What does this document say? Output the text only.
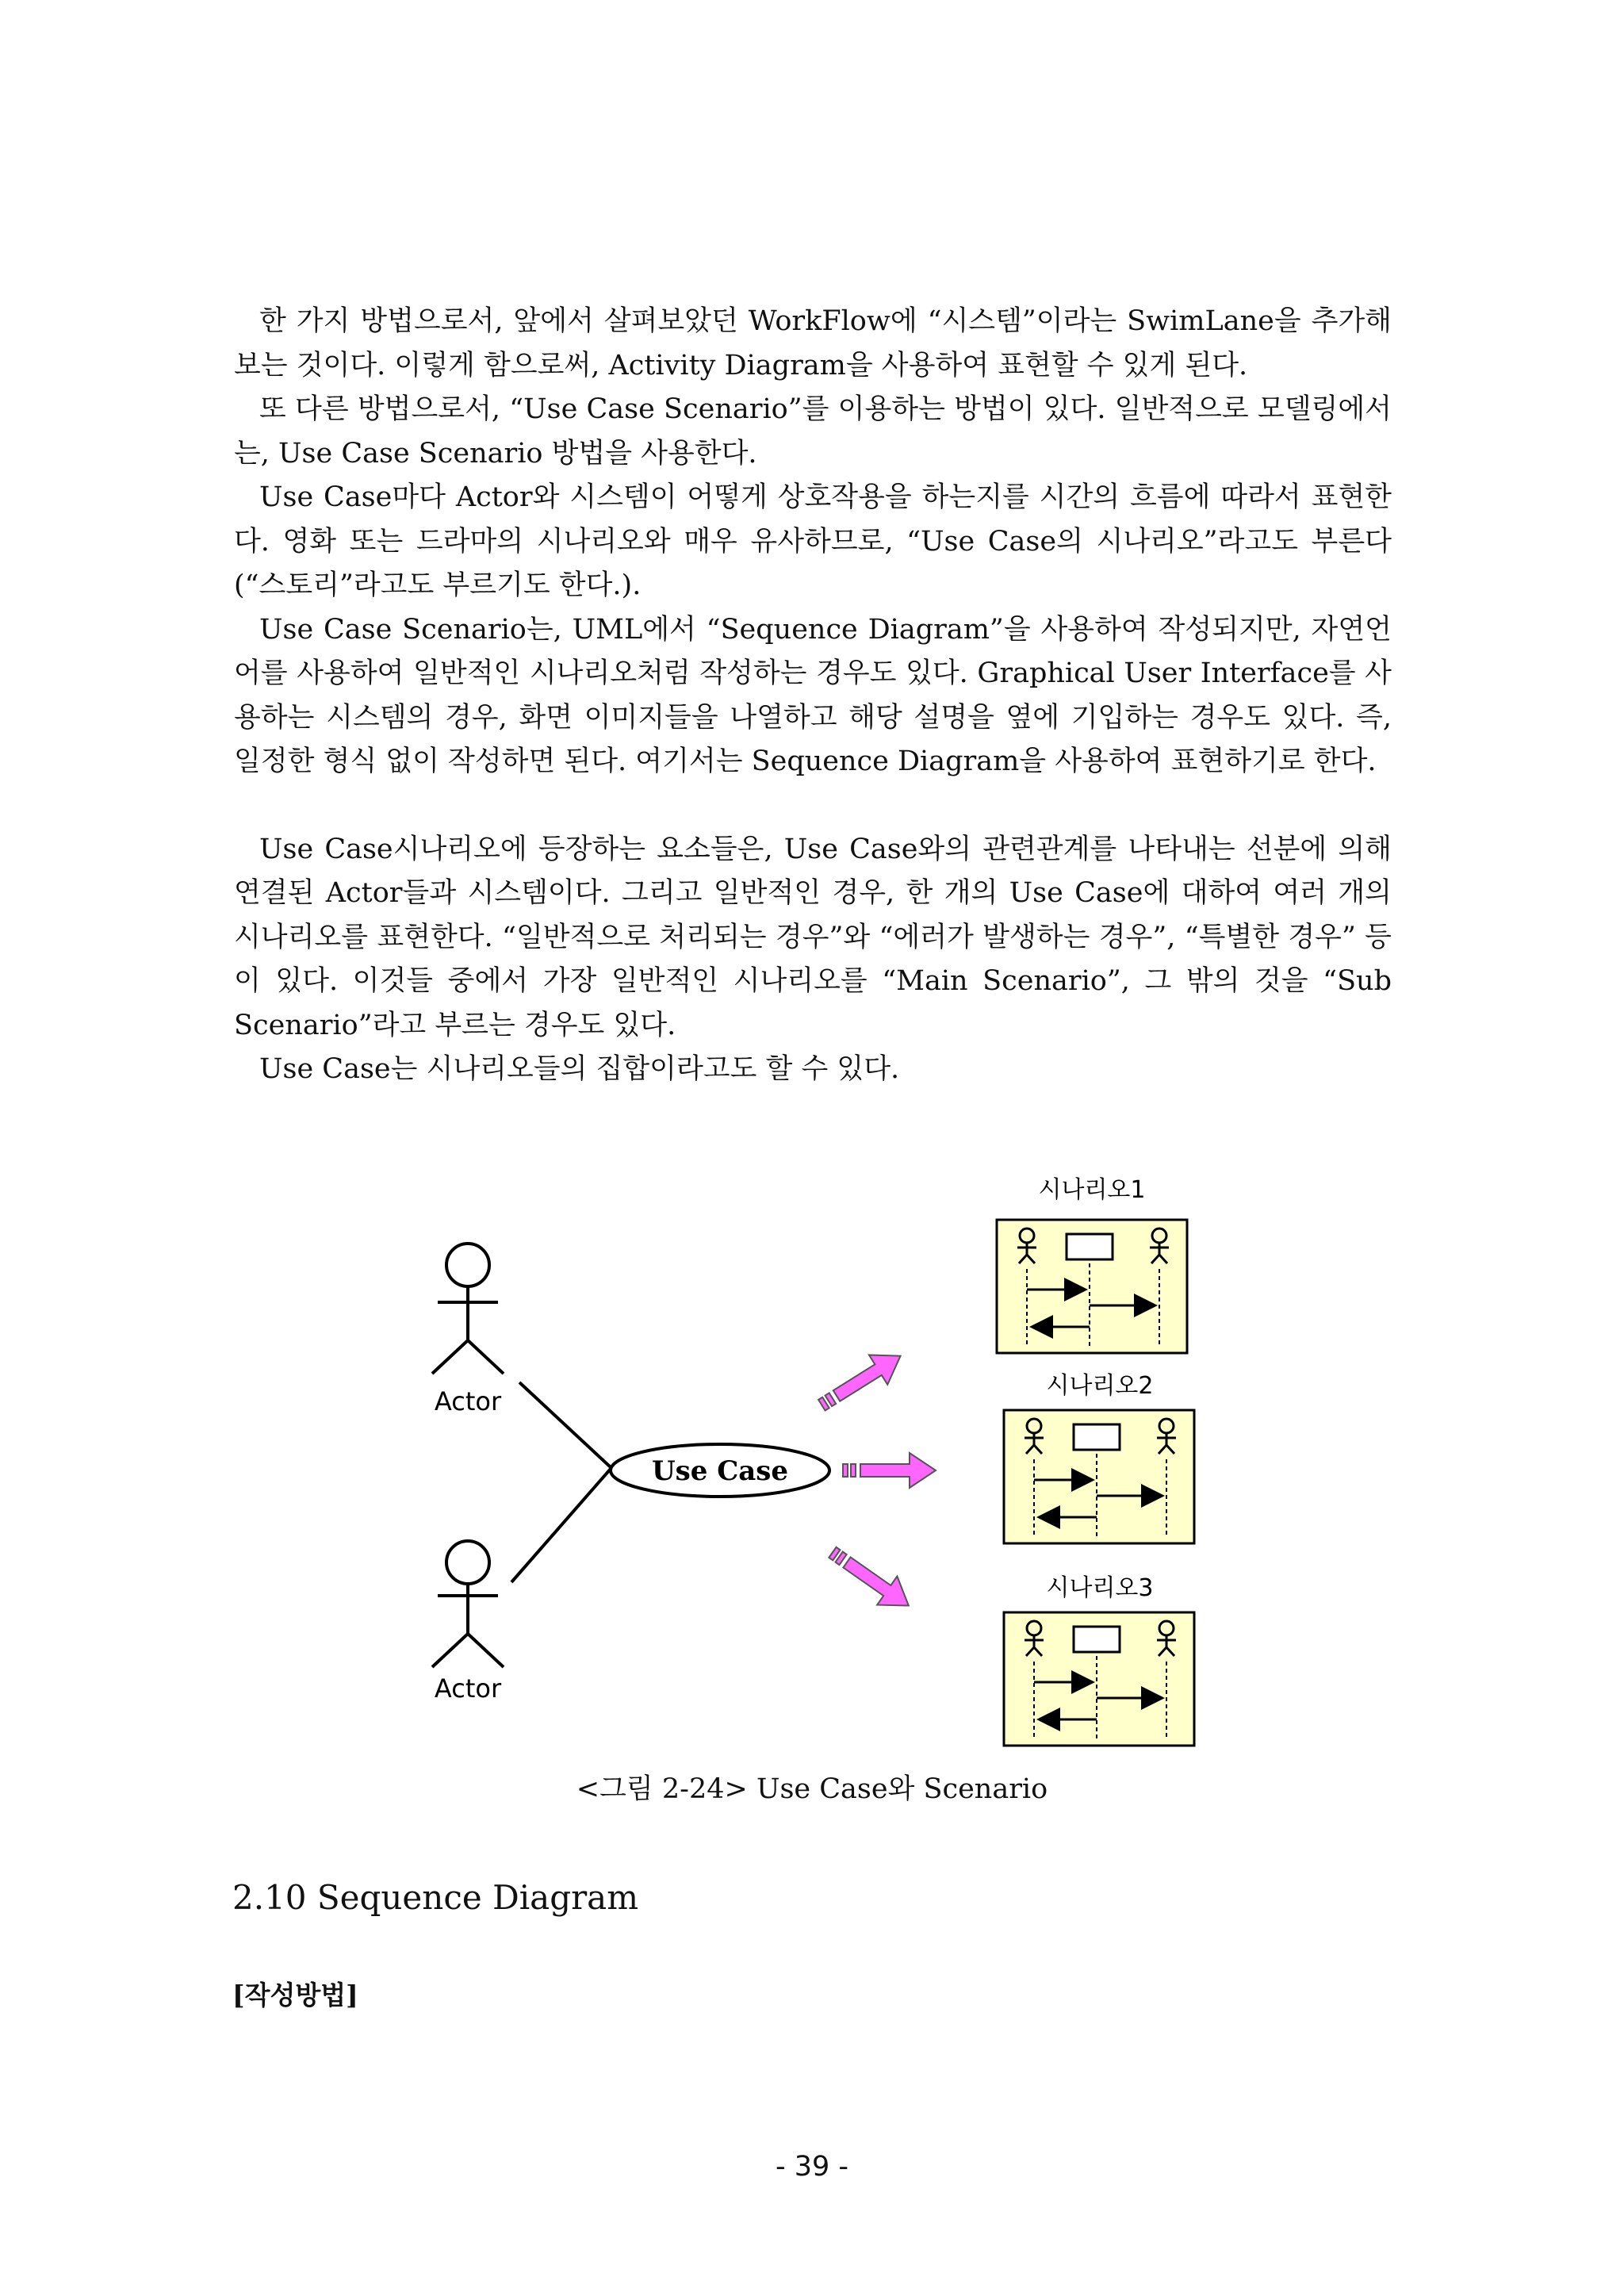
한 가지 방법으로서, 앞에서 살펴보았던 WorkFlow에 “시스템”이라는 SwimLane을 추가해 보는 것이다. 이렇게 함으로써, Activity Diagram을 사용하여 표현할 수 있게 된다.

또 다른 방법으로서, “Use Case Scenario”를 이용하는 방법이 있다. 일반적으로 모델링에서는, Use Case Scenario 방법을 사용한다.

Use Case마다 Actor와 시스템이 어떻게 상호작용을 하는지를 시간의 흐름에 따라서 표현한다. 영화 또는 드라마의 시나리오와 매우 유사하므로, “Use Case의 시나리오”라고도 부른다(“스토리”라고도 부르기도 한다.).

Use Case Scenario는, UML에서 “Sequence Diagram”을 사용하여 작성되지만, 자연언어를 사용하여 일반적인 시나리오처럼 작성하는 경우도 있다. Graphical User Interface를 사용하는 시스템의 경우, 화면 이미지들을 나열하고 해당 설명을 옆에 기입하는 경우도 있다. 즉, 일정한 형식 없이 작성하면 된다. 여기서는 Sequence Diagram을 사용하여 표현하기로 한다.

Use Case시나리오에 등장하는 요소들은, Use Case와의 관련관계를 나타내는 선분에 의해 연결된 Actor들과 시스템이다. 그리고 일반적인 경우, 한 개의 Use Case에 대하여 여러 개의 시나리오를 표현한다. “일반적으로 처리되는 경우”와 “에러가 발생하는 경우”, “특별한 경우” 등이 있다. 이것들 중에서 가장 일반적인 시나리오를 “Main Scenario”, 그 밖의 것을 “Sub Scenario”라고 부르는 경우도 있다.

Use Case는 시나리오들의 집합이라고도 할 수 있다.

Actor
Actor
Use Case
시나리오1
시나리오2
시나리오3
<그림 2-24> Use Case와 Scenario
2.10 Sequence Diagram
[작성방법]
- 39 -
